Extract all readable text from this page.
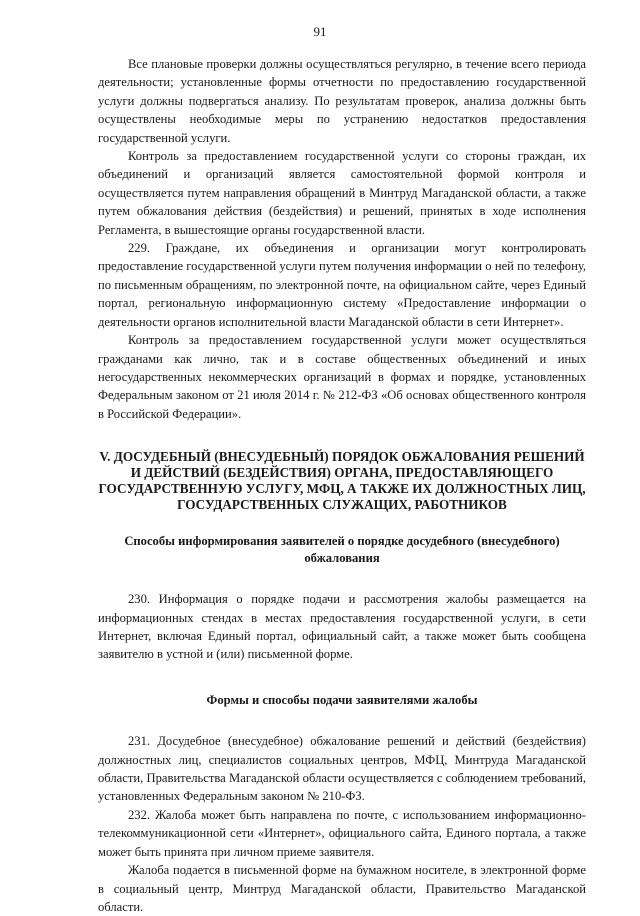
91

Все плановые проверки должны осуществляться регулярно, в течение всего периода деятельности; установленные формы отчетности по предоставлению государственной услуги должны подвергаться анализу. По результатам проверок, анализа должны быть осуществлены необходимые меры по устранению недостатков предоставления государственной услуги.

Контроль за предоставлением государственной услуги со стороны граждан, их объединений и организаций является самостоятельной формой контроля и осуществляется путем направления обращений в Минтруд Магаданской области, а также путем обжалования действия (бездействия) и решений, принятых в ходе исполнения Регламента, в вышестоящие органы государственной власти.

229. Граждане, их объединения и организации могут контролировать предоставление государственной услуги путем получения информации о ней по телефону, по письменным обращениям, по электронной почте, на официальном сайте, через Единый портал, региональную информационную систему «Предоставление информации о деятельности органов исполнительной власти Магаданской области в сети Интернет».

Контроль за предоставлением государственной услуги может осуществляться гражданами как лично, так и в составе общественных объединений и иных негосударственных некоммерческих организаций в формах и порядке, установленных Федеральным законом от 21 июля 2014 г. № 212-ФЗ «Об основах общественного контроля в Российской Федерации».

V. ДОСУДЕБНЫЙ (ВНЕСУДЕБНЫЙ) ПОРЯДОК ОБЖАЛОВАНИЯ РЕШЕНИЙ И ДЕЙСТВИЙ (БЕЗДЕЙСТВИЯ) ОРГАНА, ПРЕДОСТАВЛЯЮЩЕГО ГОСУДАРСТВЕННУЮ УСЛУГУ, МФЦ, А ТАКЖЕ ИХ ДОЛЖНОСТНЫХ ЛИЦ, ГОСУДАРСТВЕННЫХ СЛУЖАЩИХ, РАБОТНИКОВ
Способы информирования заявителей о порядке досудебного (внесудебного) обжалования

230. Информация о порядке подачи и рассмотрения жалобы размещается на информационных стендах в местах предоставления государственной услуги, в сети Интернет, включая Единый портал, официальный сайт, а также может быть сообщена заявителю в устной и (или) письменной форме.

Формы и способы подачи заявителями жалобы

231. Досудебное (внесудебное) обжалование решений и действий (бездействия) должностных лиц, специалистов социальных центров, МФЦ, Минтруда Магаданской области, Правительства Магаданской области осуществляется с соблюдением требований, установленных Федеральным законом № 210-ФЗ.

232. Жалоба может быть направлена по почте, с использованием информационно-телекоммуникационной сети «Интернет», официального сайта, Единого портала, а также может быть принята при личном приеме заявителя.

Жалоба подается в письменной форме на бумажном носителе, в электронной форме в социальный центр, Минтруд Магаданской области, Правительство Магаданской области.
